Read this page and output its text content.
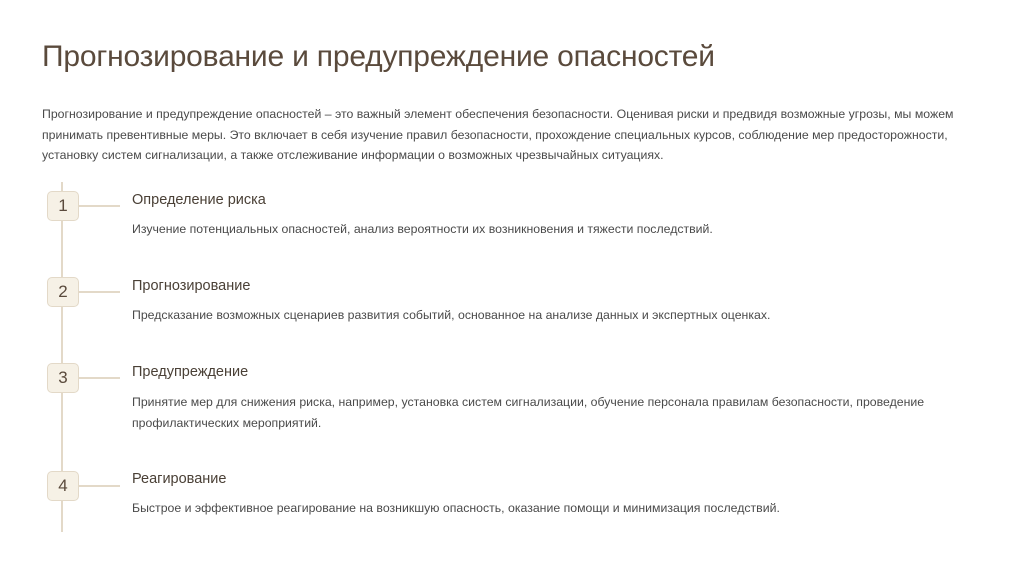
Прогнозирование и предупреждение опасностей

Прогнозирование и предупреждение опасностей – это важный элемент обеспечения безопасности. Оценивая риски и предвидя возможные угрозы, мы можем принимать превентивные меры. Это включает в себя изучение правил безопасности, прохождение специальных курсов, соблюдение мер предосторожности, установку систем сигнализации, а также отслеживание информации о возможных чрезвычайных ситуациях.

1	Определение риска

Изучение потенциальных опасностей, анализ вероятности их возникновения и тяжести последствий.

2	Прогнозирование

Предсказание возможных сценариев развития событий, основанное на анализе данных и экспертных оценках.

3	Предупреждение

Принятие мер для снижения риска, например, установка систем сигнализации, обучение персонала правилам безопасности, проведение профилактических мероприятий.

4	Реагирование

Быстрое и эффективное реагирование на возникшую опасность, оказание помощи и минимизация последствий.
